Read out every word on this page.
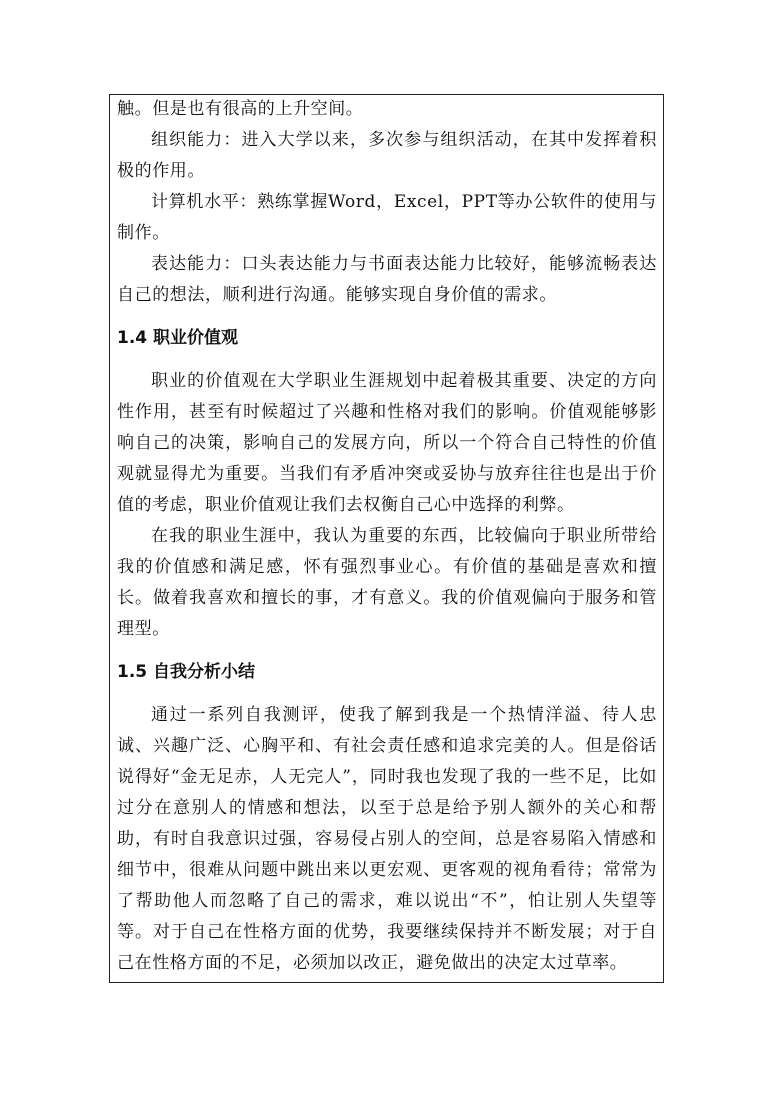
触。但是也有很高的上升空间。

组织能力：进入大学以来，多次参与组织活动，在其中发挥着积极的作用。

计算机水平：熟练掌握Word，Excel，PPT等办公软件的使用与制作。

表达能力：口头表达能力与书面表达能力比较好，能够流畅表达自己的想法，顺利进行沟通。能够实现自身价值的需求。

1.4 职业价值观

职业的价值观在大学职业生涯规划中起着极其重要、决定的方向性作用，甚至有时候超过了兴趣和性格对我们的影响。价值观能够影响自己的决策，影响自己的发展方向，所以一个符合自己特性的价值观就显得尤为重要。当我们有矛盾冲突或妥协与放弃往往也是出于价值的考虑，职业价值观让我们去权衡自己心中选择的利弊。

在我的职业生涯中，我认为重要的东西，比较偏向于职业所带给我的价值感和满足感，怀有强烈事业心。有价值的基础是喜欢和擅长。做着我喜欢和擅长的事，才有意义。我的价值观偏向于服务和管理型。

1.5 自我分析小结

通过一系列自我测评，使我了解到我是一个热情洋溢、待人忠诚、兴趣广泛、心胸平和、有社会责任感和追求完美的人。但是俗话说得好“金无足赤，人无完人”，同时我也发现了我的一些不足，比如过分在意别人的情感和想法，以至于总是给予别人额外的关心和帮助，有时自我意识过强，容易侵占别人的空间，总是容易陷入情感和细节中，很难从问题中跳出来以更宏观、更客观的视角看待；常常为了帮助他人而忽略了自己的需求，难以说出“不”，怕让别人失望等等。对于自己在性格方面的优势，我要继续保持并不断发展；对于自己在性格方面的不足，必须加以改正，避免做出的决定太过草率。
